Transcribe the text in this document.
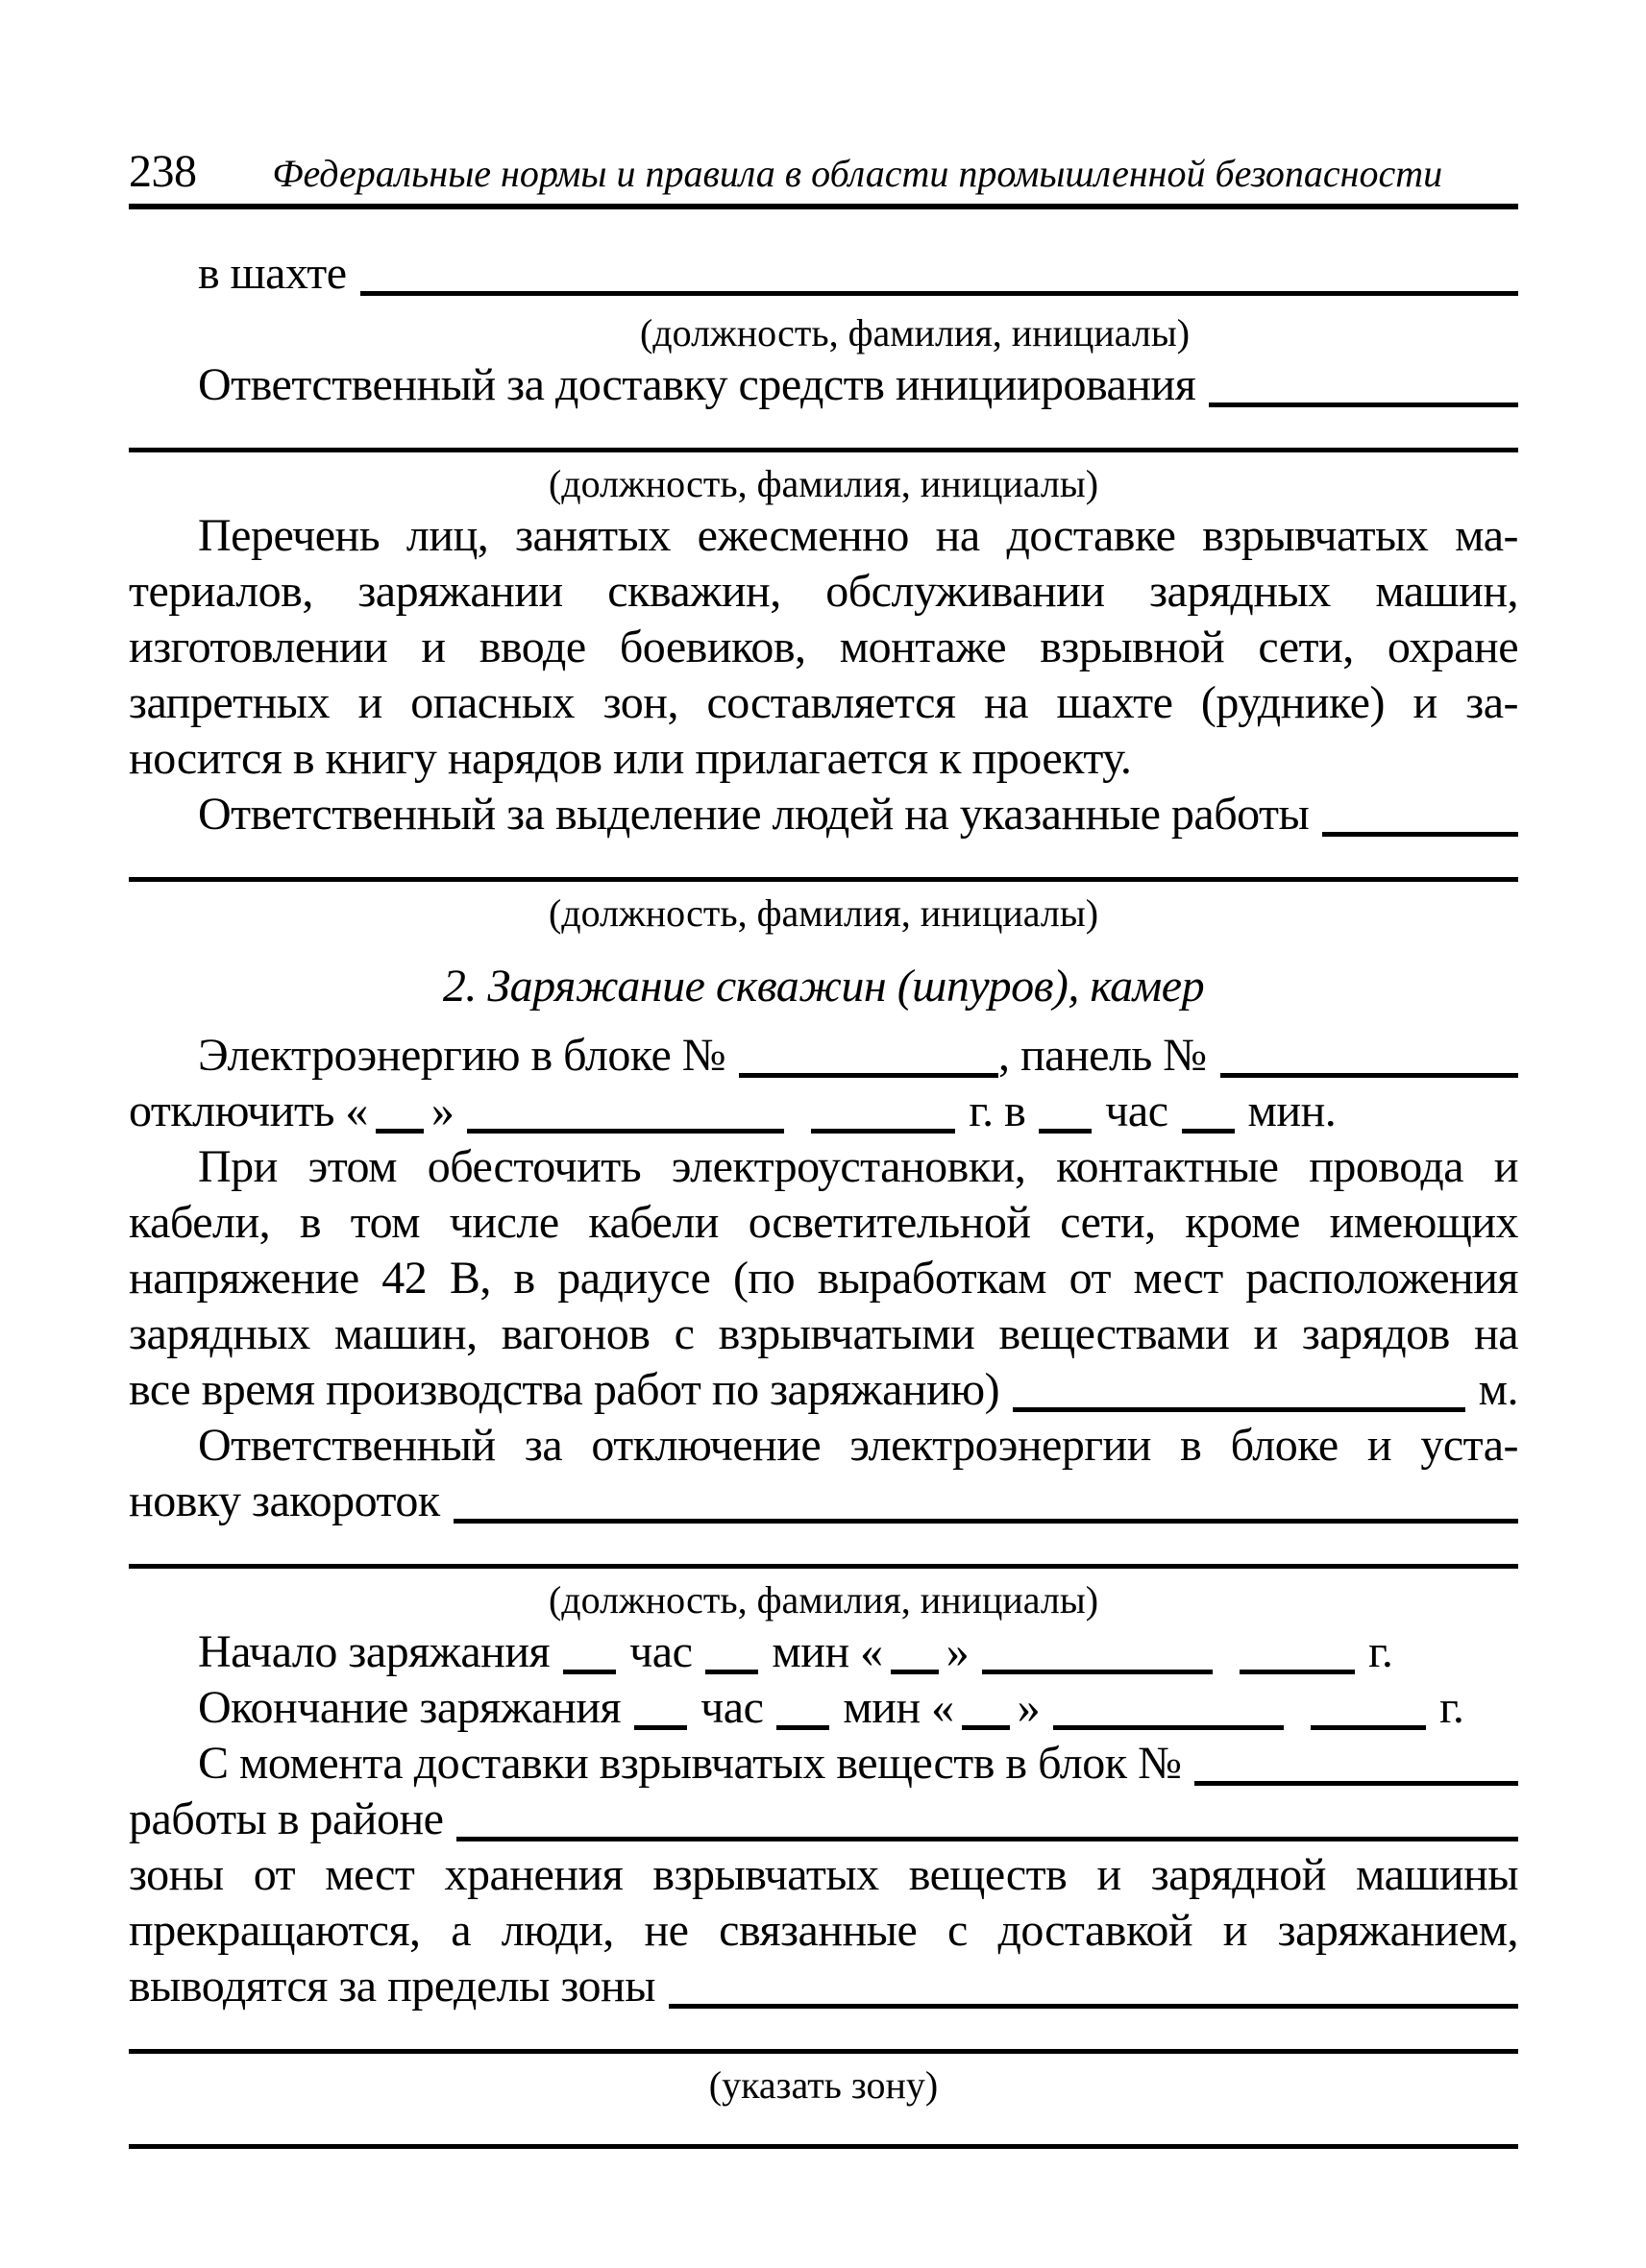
238	Федеральные нормы и правила в области промышленной безопасности
в шахте
(должность, фамилия, инициалы)
Ответственный за доставку средств инициирования
(должность, фамилия, инициалы)
Перечень лиц, занятых ежесменно на доставке взрывчатых ма-
териалов, заряжании скважин, обслуживании зарядных машин,
изготовлении и вводе боевиков, монтаже взрывной сети, охране
запретных и опасных зон, составляется на шахте (руднике) и за-
носится в книгу нарядов или прилагается к проекту.
Ответственный за выделение людей на указанные работы
(должность, фамилия, инициалы)
2. Заряжание скважин (шпуров), камер
Электроэнергию в блоке №	, панель №
отключить « »	г. в час мин.
При этом обесточить электроустановки, контактные провода и
кабели, в том числе кабели осветительной сети, кроме имеющих
напряжение 42 В, в радиусе (по выработкам от мест расположения
зарядных машин, вагонов с взрывчатыми веществами и зарядов на
все время производства работ по заряжанию)	м.
Ответственный за отключение электроэнергии в блоке и уста-
новку закороток
(должность, фамилия, инициалы)
Начало заряжания час мин « »	г.
Окончание заряжания час мин « »	г.
С момента доставки взрывчатых веществ в блок №
работы в районе
зоны от мест хранения взрывчатых веществ и зарядной машины
прекращаются, а люди, не связанные с доставкой и заряжанием,
выводятся за пределы зоны
(указать зону)
